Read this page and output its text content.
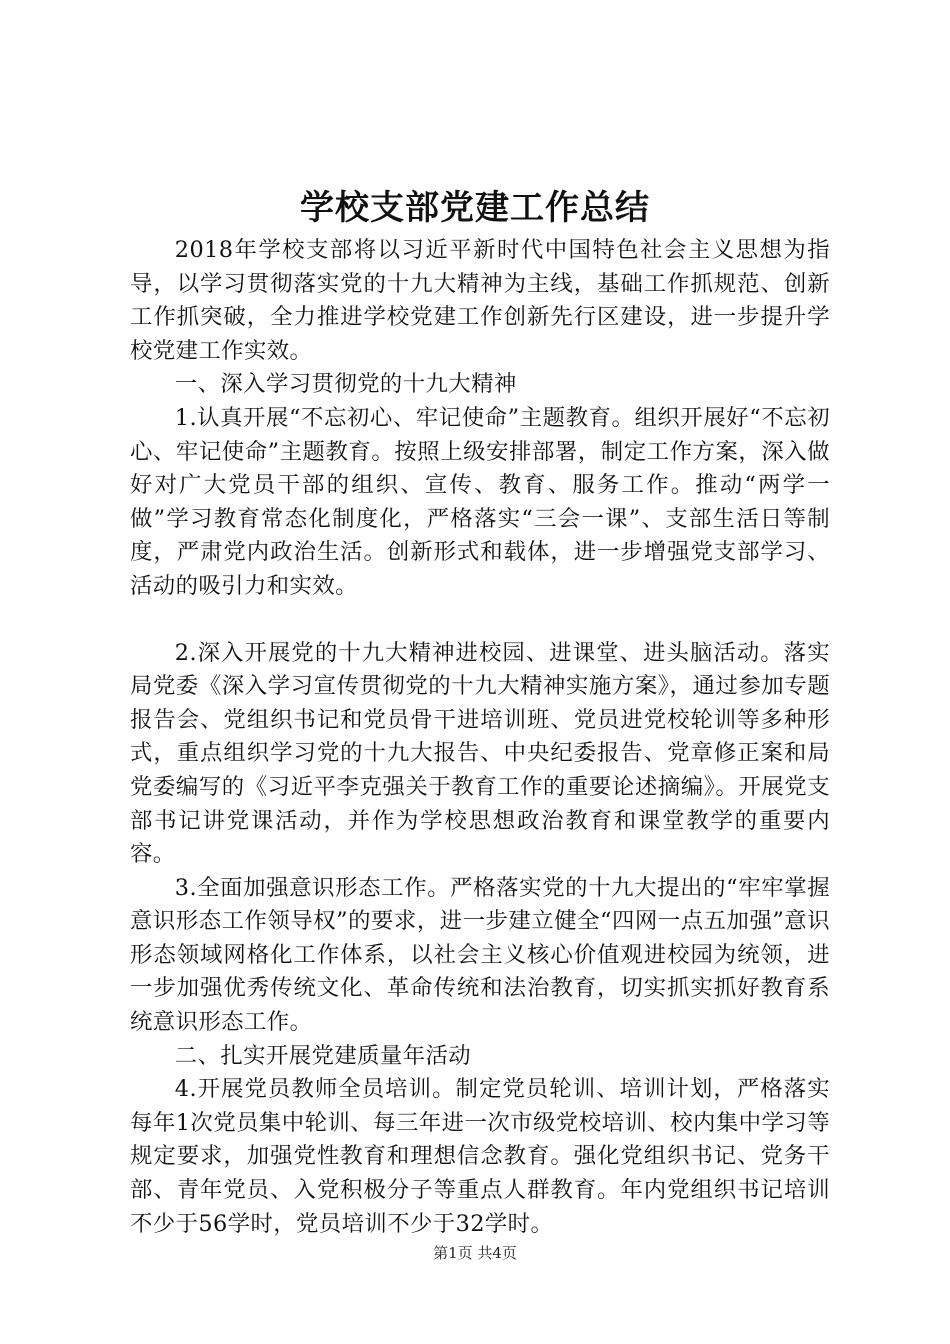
学校支部党建工作总结

2018年学校支部将以习近平新时代中国特色社会主义思想为指导，以学习贯彻落实党的十九大精神为主线，基础工作抓规范、创新工作抓突破，全力推进学校党建工作创新先行区建设，进一步提升学校党建工作实效。

一、深入学习贯彻党的十九大精神

1.认真开展“不忘初心、牢记使命”主题教育。组织开展好“不忘初心、牢记使命”主题教育。按照上级安排部署，制定工作方案，深入做好对广大党员干部的组织、宣传、教育、服务工作。推动“两学一做”学习教育常态化制度化，严格落实“三会一课”、支部生活日等制度，严肃党内政治生活。创新形式和载体，进一步增强党支部学习、活动的吸引力和实效。

2.深入开展党的十九大精神进校园、进课堂、进头脑活动。落实局党委《深入学习宣传贯彻党的十九大精神实施方案》，通过参加专题报告会、党组织书记和党员骨干进培训班、党员进党校轮训等多种形式，重点组织学习党的十九大报告、中央纪委报告、党章修正案和局党委编写的《习近平李克强关于教育工作的重要论述摘编》。开展党支部书记讲党课活动，并作为学校思想政治教育和课堂教学的重要内容。

3.全面加强意识形态工作。严格落实党的十九大提出的“牢牢掌握意识形态工作领导权”的要求，进一步建立健全“四网一点五加强”意识形态领域网格化工作体系，以社会主义核心价值观进校园为统领，进一步加强优秀传统文化、革命传统和法治教育，切实抓实抓好教育系统意识形态工作。

二、扎实开展党建质量年活动

4.开展党员教师全员培训。制定党员轮训、培训计划，严格落实每年1次党员集中轮训、每三年进一次市级党校培训、校内集中学习等规定要求，加强党性教育和理想信念教育。强化党组织书记、党务干部、青年党员、入党积极分子等重点人群教育。年内党组织书记培训不少于56学时，党员培训不少于32学时。

第1页 共4页
